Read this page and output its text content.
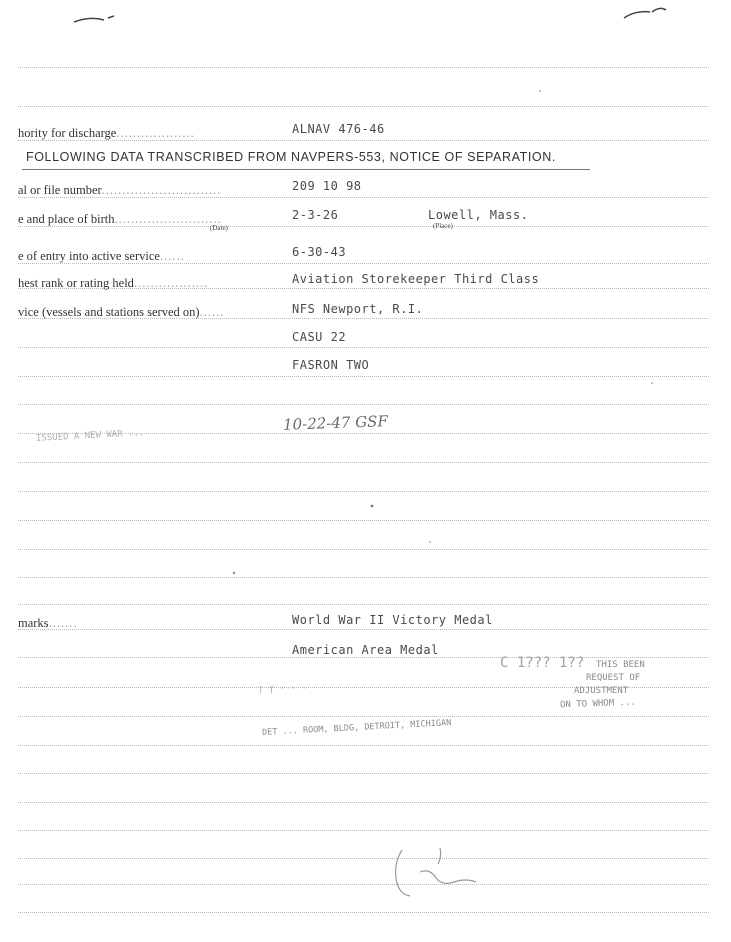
hority for discharge...................	ALNAV 476-46
FOLLOWING DATA TRANSCRIBED FROM NAVPERS-553, NOTICE OF SEPARATION.
al or file number.............................	209 10 98
e and place of birth..........................	2-3-26	Lowell, Mass.
(Date)	(Place)
e of entry into active service......	6-30-43
hest rank or rating held..................	Aviation Storekeeper Third Class
vice (vessels and stations served on)......	NFS Newport, R.I.
CASU 22
FASRON TWO
ISSUED A NEW WAR ...
10-22-47 GSF
marks.......	World War II Victory Medal
American Area Medal
C 1??? 1?? THIS BEEN
REQUEST OF
ADJUSTMENT
ON TO WHOM ...
DET ... ROOM, BLDG, DETROIT, MICHIGAN
T T ' ' '
